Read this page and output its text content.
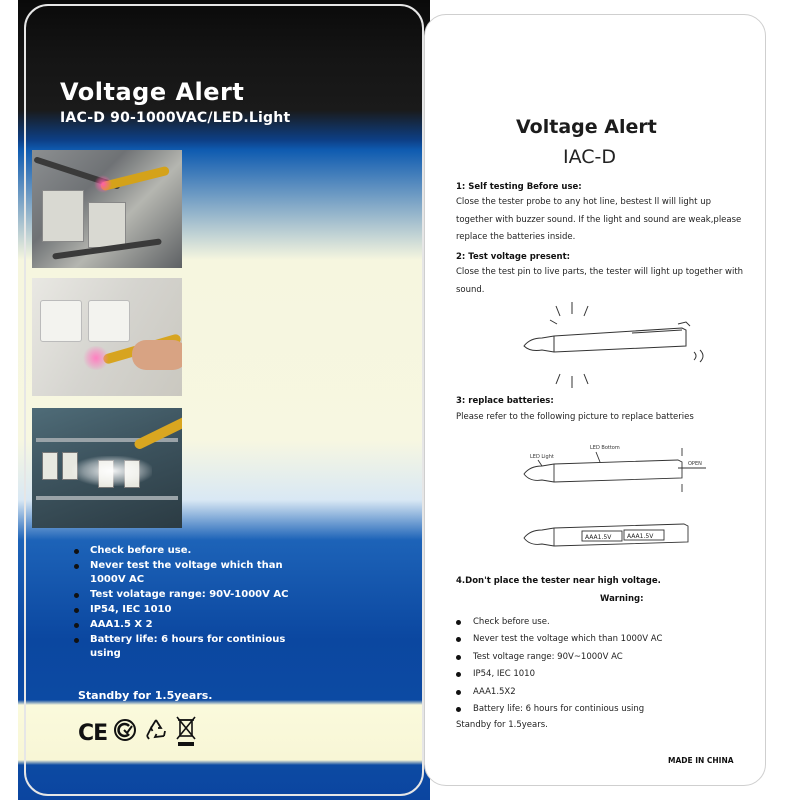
Voltage Alert
IAC-D 90-1000VAC/LED.Light
Check before use.
Never test the voltage which than 1000V AC
Test volatage range: 90V-1000V AC
IP54, IEC 1010
AAA1.5 X 2
Battery life: 6 hours for continious using
Standby for 1.5years.
CE
Voltage Alert
IAC-D
1: Self testing Before use:
Close the tester probe to any hot line, bestest ll will light up together with buzzer sound. If the light and sound are weak,please replace the batteries inside.
2: Test voltage present:
Close the test pin to live parts, the tester will light up together with sound.
3: replace batteries:
Please refer to the following picture to replace batteries
LED Light
LED Bottom
OPEN
AAA1.5V	AAA1.5V
4.Don't place the tester near high voltage.
Warning:
Check before use.
Never test the voltage which than 1000V AC
Test voltage range: 90V~1000V AC
IP54, IEC 1010
AAA1.5X2
Battery life: 6 hours for continious using
Standby for 1.5years.
MADE IN CHINA
